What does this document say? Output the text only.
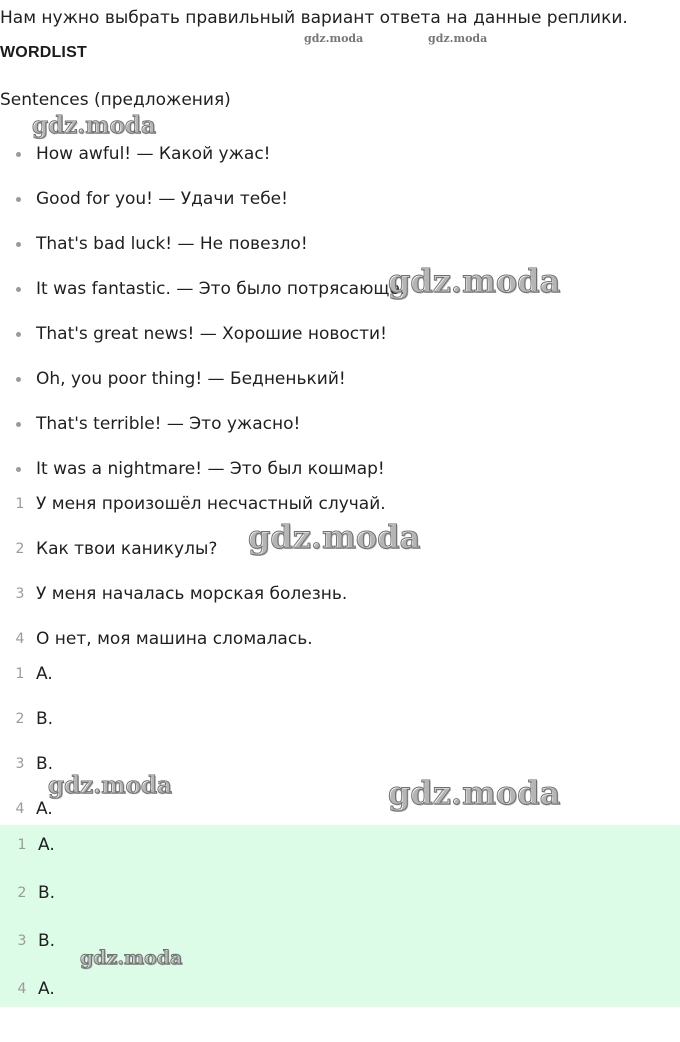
Нам нужно выбрать правильный вариант ответа на данные реплики.
WORDLIST
Sentences (предложения)
How awful! — Какой ужас!
Good for you! — Удачи тебе!
That's bad luck! — Не повезло!
It was fantastic. — Это было потрясающе.
That's great news! — Хорошие новости!
Oh, you poor thing! — Бедненький!
That's terrible! — Это ужасно!
It was a nightmare! — Это был кошмар!
1 У меня произошёл несчастный случай.
2 Как твои каникулы?
3 У меня началась морская болезнь.
4 О нет, моя машина сломалась.
1 A.
2 B.
3 B.
4 A.
1 A.
2 B.
3 B.
4 A.
gdz.moda	gdz.moda
gdz.moda
gdz.moda
gdz.moda
gdz.moda	gdz.moda
